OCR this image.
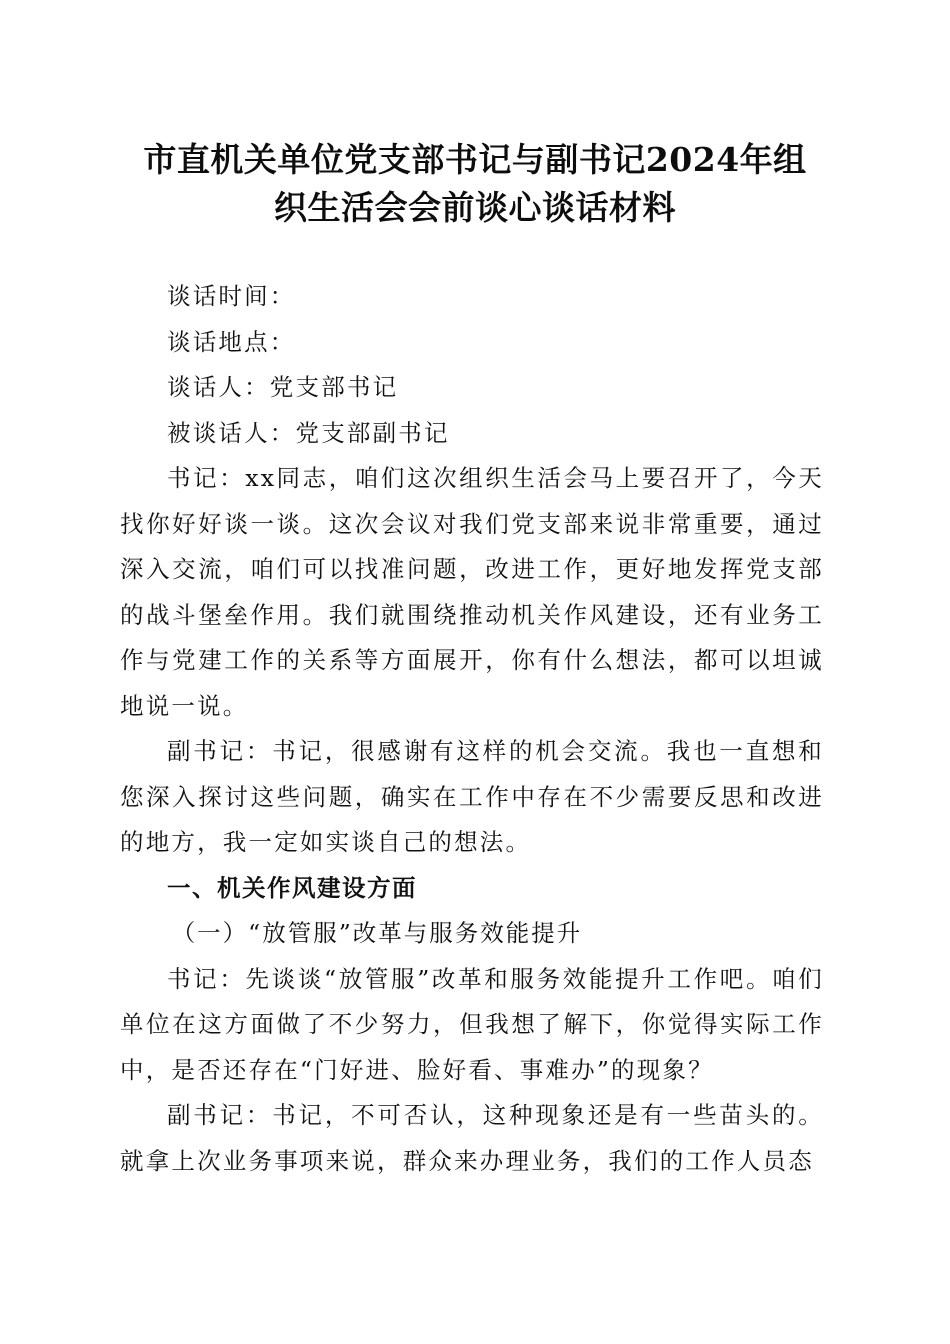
市直机关单位党支部书记与副书记2024年组
织生活会会前谈心谈话材料

谈话时间：

谈话地点：

谈话人：党支部书记

被谈话人：党支部副书记

书记：xx同志，咱们这次组织生活会马上要召开了，今天找你好好谈一谈。这次会议对我们党支部来说非常重要，通过深入交流，咱们可以找准问题，改进工作，更好地发挥党支部的战斗堡垒作用。我们就围绕推动机关作风建设，还有业务工作与党建工作的关系等方面展开，你有什么想法，都可以坦诚地说一说。

副书记：书记，很感谢有这样的机会交流。我也一直想和您深入探讨这些问题，确实在工作中存在不少需要反思和改进的地方，我一定如实谈自己的想法。

一、机关作风建设方面

（一）“放管服”改革与服务效能提升

书记：先谈谈“放管服”改革和服务效能提升工作吧。咱们单位在这方面做了不少努力，但我想了解下，你觉得实际工作中，是否还存在“门好进、脸好看、事难办”的现象？

副书记：书记，不可否认，这种现象还是有一些苗头的。就拿上次业务事项来说，群众来办理业务，我们的工作人员态
